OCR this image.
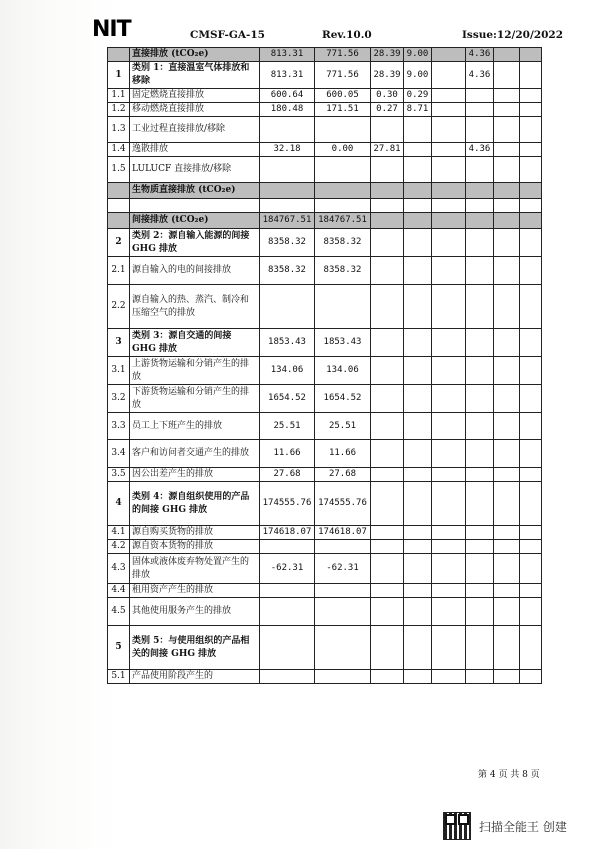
NIT	CMSF-GA-15	Rev.10.0	Issue:12/20/2022
	直接排放 (tCO₂e)	813.31	771.56	28.39	9.00		4.36		
1	类别 1：直接温室气体排放和移除	813.31	771.56	28.39	9.00		4.36		
1.1	固定燃烧直接排放	600.64	600.05	0.30	0.29				
1.2	移动燃烧直接排放	180.48	171.51	0.27	8.71				
1.3	工业过程直接排放/移除								
1.4	逸散排放	32.18	0.00	27.81			4.36		
1.5	LULUCF 直接排放/移除								
	生物质直接排放 (tCO₂e)								

	间接排放 (tCO₂e)	184767.51	184767.51						
2	类别 2：源自输入能源的间接 GHG 排放	8358.32	8358.32						
2.1	源自输入的电的间接排放	8358.32	8358.32						
2.2	源自输入的热、蒸汽、制冷和压缩空气的排放								
3	类别 3：源自交通的间接 GHG 排放	1853.43	1853.43						
3.1	上游货物运输和分销产生的排放	134.06	134.06						
3.2	下游货物运输和分销产生的排放	1654.52	1654.52						
3.3	员工上下班产生的排放	25.51	25.51						
3.4	客户和访问者交通产生的排放	11.66	11.66						
3.5	因公出差产生的排放	27.68	27.68						
4	类别 4：源自组织使用的产品的间接 GHG 排放	174555.76	174555.76						
4.1	源自购买货物的排放	174618.07	174618.07						
4.2	源自资本货物的排放								
4.3	固体或液体废弃物处置产生的排放	-62.31	-62.31						
4.4	租用资产产生的排放								
4.5	其他使用服务产生的排放								
5	类别 5：与使用组织的产品相关的间接 GHG 排放								
5.1	产品使用阶段产生的								
第 4 页 共 8 页
扫描全能王 创建
